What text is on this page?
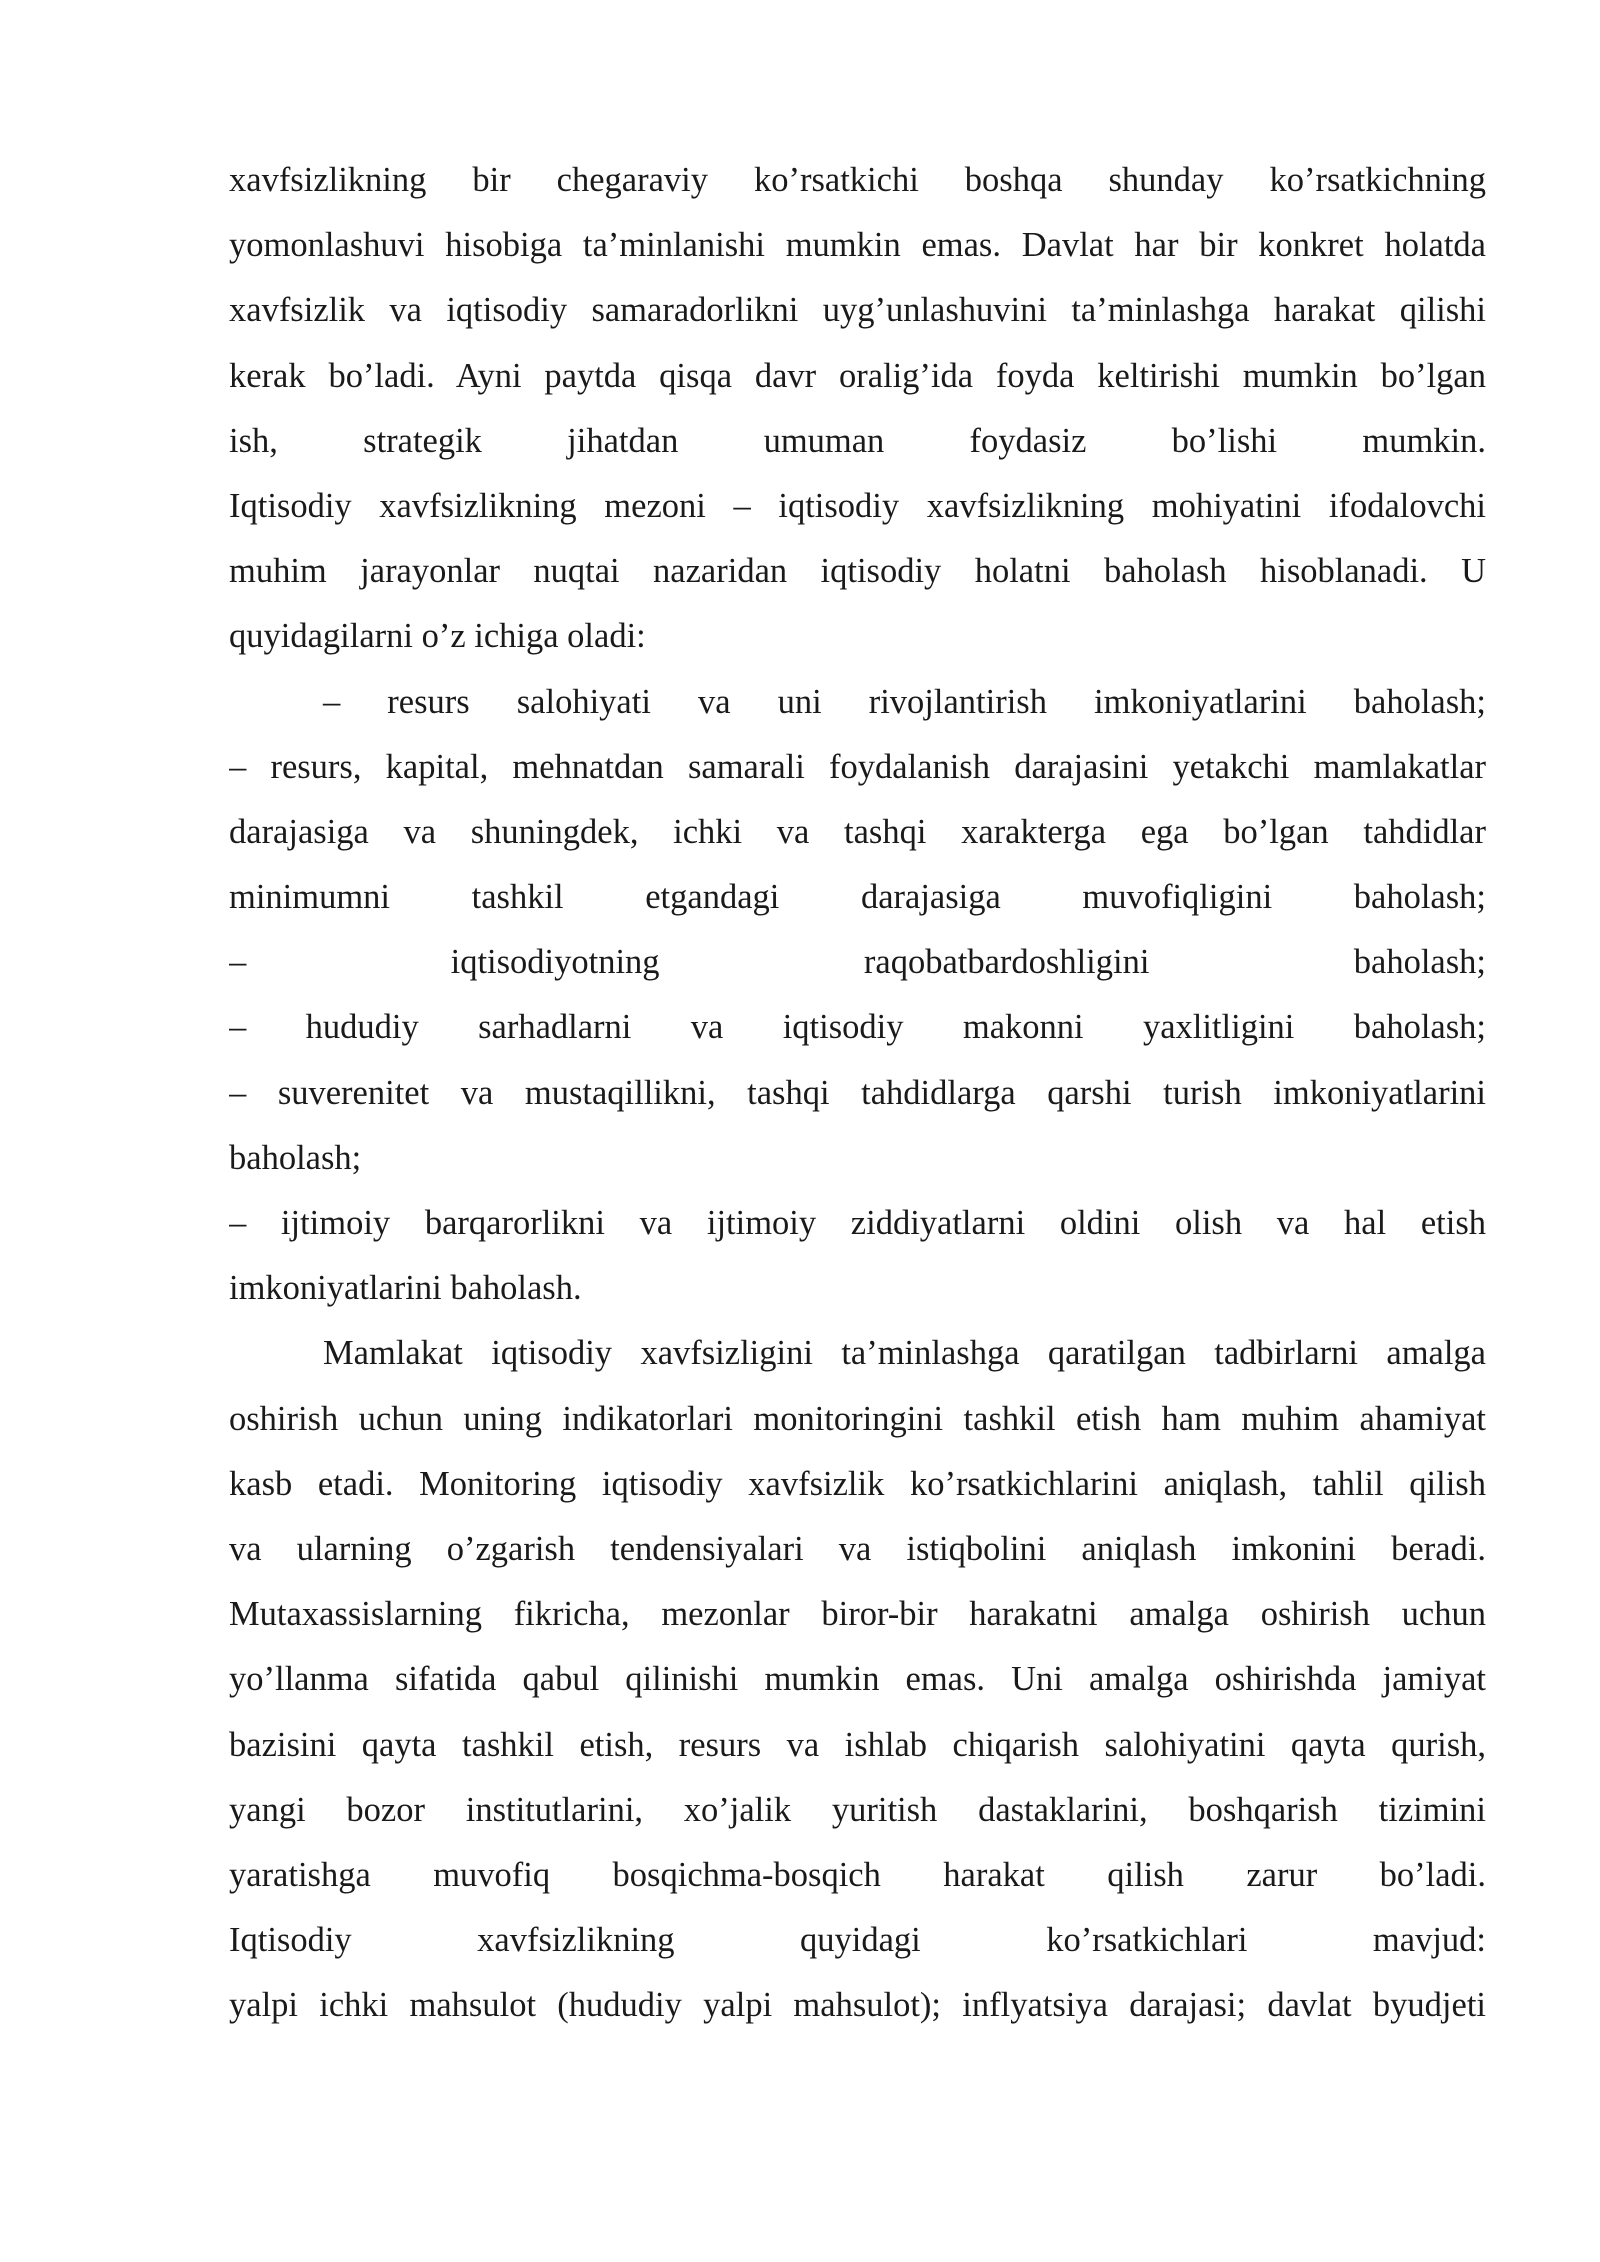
xavfsizlikning bir chegaraviy ko’rsatkichi boshqa shunday ko’rsatkichning
yomonlashuvi hisobiga ta’minlanishi mumkin emas. Davlat har bir konkret holatda
xavfsizlik va iqtisodiy samaradorlikni uyg’unlashuvini ta’minlashga harakat qilishi
kerak bo’ladi. Ayni paytda qisqa davr oralig’ida foyda keltirishi mumkin bo’lgan
ish, strategik jihatdan umuman foydasiz bo’lishi mumkin.
Iqtisodiy xavfsizlikning mezoni – iqtisodiy xavfsizlikning mohiyatini ifodalovchi
muhim jarayonlar nuqtai nazaridan iqtisodiy holatni baholash hisoblanadi. U
quyidagilarni o’z ichiga oladi:
– resurs salohiyati va uni rivojlantirish imkoniyatlarini baholash;
– resurs, kapital, mehnatdan samarali foydalanish darajasini yetakchi mamlakatlar
darajasiga va shuningdek, ichki va tashqi xarakterga ega bo’lgan tahdidlar
minimumni tashkil etgandagi darajasiga muvofiqligini baholash;
– iqtisodiyotning raqobatbardoshligini baholash;
– hududiy sarhadlarni va iqtisodiy makonni yaxlitligini baholash;
– suverenitet va mustaqillikni, tashqi tahdidlarga qarshi turish imkoniyatlarini
baholash;
– ijtimoiy barqarorlikni va ijtimoiy ziddiyatlarni oldini olish va hal etish
imkoniyatlarini baholash.
Mamlakat iqtisodiy xavfsizligini ta’minlashga qaratilgan tadbirlarni amalga
oshirish uchun uning indikatorlari monitoringini tashkil etish ham muhim ahamiyat
kasb etadi. Monitoring iqtisodiy xavfsizlik ko’rsatkichlarini aniqlash, tahlil qilish
va ularning o’zgarish tendensiyalari va istiqbolini aniqlash imkonini beradi.
Mutaxassislarning fikricha, mezonlar biror-bir harakatni amalga oshirish uchun
yo’llanma sifatida qabul qilinishi mumkin emas. Uni amalga oshirishda jamiyat
bazisini qayta tashkil etish, resurs va ishlab chiqarish salohiyatini qayta qurish,
yangi bozor institutlarini, xo’jalik yuritish dastaklarini, boshqarish tizimini
yaratishga muvofiq bosqichma-bosqich harakat qilish zarur bo’ladi.
Iqtisodiy xavfsizlikning quyidagi ko’rsatkichlari mavjud:
yalpi ichki mahsulot (hududiy yalpi mahsulot); inflyatsiya darajasi; davlat byudjeti
